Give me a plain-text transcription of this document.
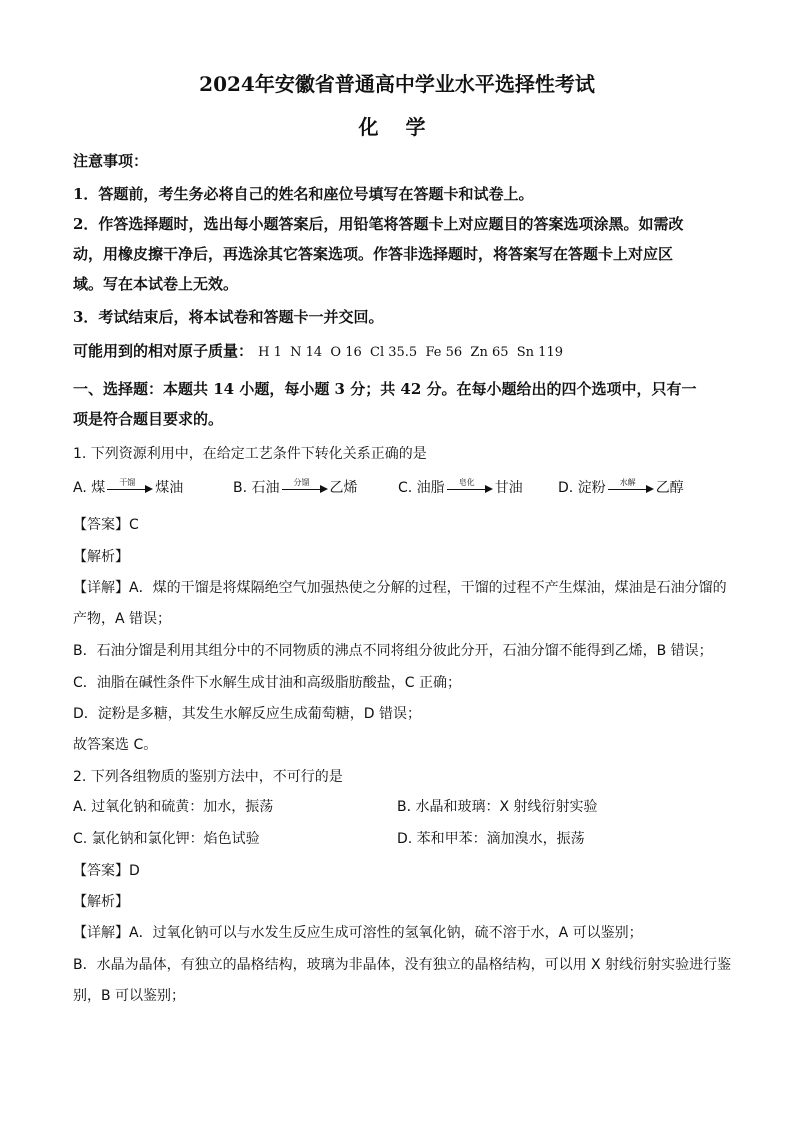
2024年安徽省普通高中学业水平选择性考试
化 学
注意事项：
1．答题前，考生务必将自己的姓名和座位号填写在答题卡和试卷上。
2．作答选择题时，选出每小题答案后，用铅笔将答题卡上对应题目的答案选项涂黑。如需改
动，用橡皮擦干净后，再选涂其它答案选项。作答非选择题时，将答案写在答题卡上对应区
域。写在本试卷上无效。
3．考试结束后，将本试卷和答题卡一并交回。
可能用到的相对原子质量： H 1  N 14  O 16  Cl 35.5  Fe 56  Zn 65  Sn 119
一、选择题：本题共 14 小题，每小题 3 分；共 42 分。在每小题给出的四个选项中，只有一
项是符合题目要求的。
1. 下列资源利用中，在给定工艺条件下转化关系正确的是
A. 煤	干馏	煤油	B. 石油	分馏	乙烯	C. 油脂	皂化	甘油	D. 淀粉	水解	乙醇
【答案】C
【解析】
【详解】A．煤的干馏是将煤隔绝空气加强热使之分解的过程，干馏的过程不产生煤油，煤油是石油分馏的
产物，A 错误；
B．石油分馏是利用其组分中的不同物质的沸点不同将组分彼此分开，石油分馏不能得到乙烯，B 错误；
C．油脂在碱性条件下水解生成甘油和高级脂肪酸盐，C 正确；
D．淀粉是多糖，其发生水解反应生成葡萄糖，D 错误；
故答案选 C。
2. 下列各组物质的鉴别方法中，不可行的是
A. 过氧化钠和硫黄：加水，振荡	B. 水晶和玻璃：X 射线衍射实验
C. 氯化钠和氯化钾：焰色试验	D. 苯和甲苯：滴加溴水，振荡
【答案】D
【解析】
【详解】A．过氧化钠可以与水发生反应生成可溶性的氢氧化钠，硫不溶于水，A 可以鉴别；
B．水晶为晶体，有独立的晶格结构，玻璃为非晶体，没有独立的晶格结构，可以用 X 射线衍射实验进行鉴
别，B 可以鉴别；
